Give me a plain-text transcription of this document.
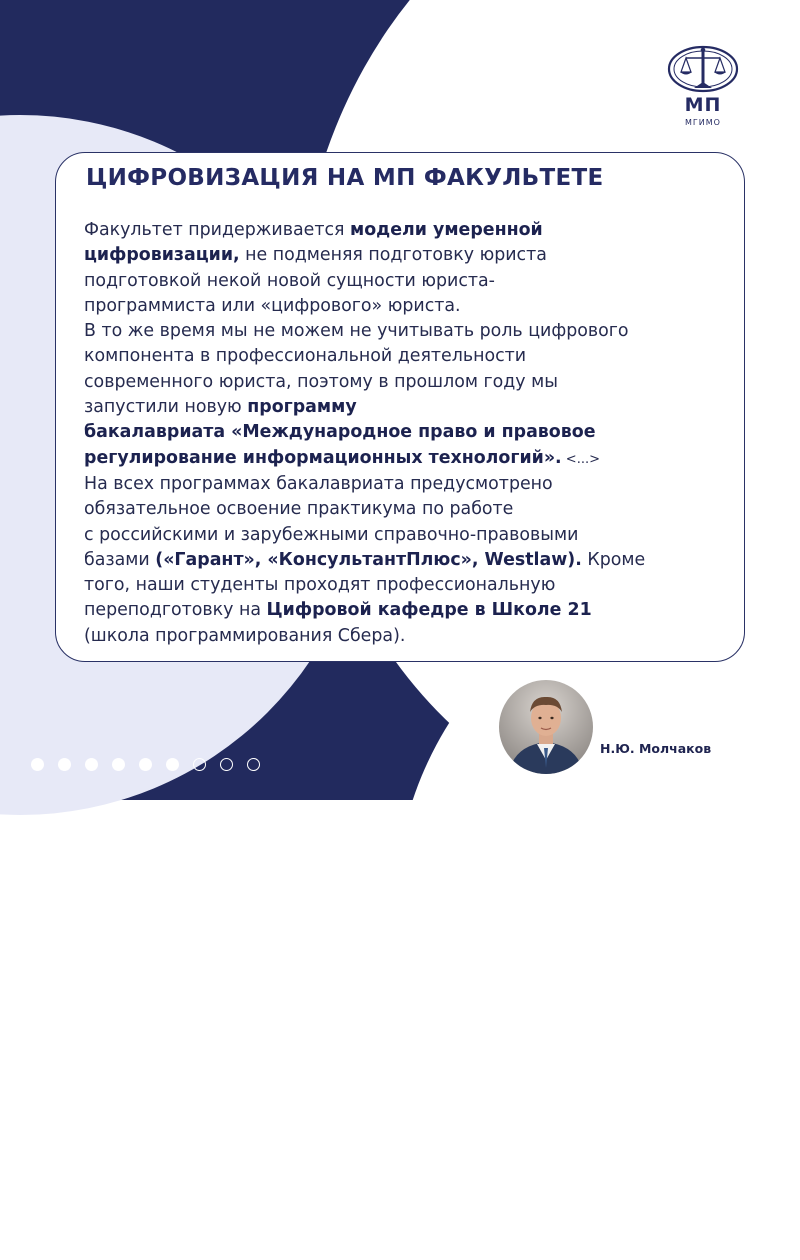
МП
МГИМО
ЦИФРОВИЗАЦИЯ НА МП ФАКУЛЬТЕТЕ
Факультет придерживается модели умеренной
цифровизации, не подменяя подготовку юриста
подготовкой некой новой сущности юриста-
программиста или «цифрового» юриста.
В то же время мы не можем не учитывать роль цифрового
компонента в профессиональной деятельности
современного юриста, поэтому в прошлом году мы
запустили новую программу
бакалавриата «Международное право и правовое
регулирование информационных технологий». <...>
На всех программах бакалавриата предусмотрено
обязательное освоение практикума по работе
с российскими и зарубежными справочно-правовыми
базами («Гарант», «КонсультантПлюс», Westlaw). Кроме
того, наши студенты проходят профессиональную
переподготовку на Цифровой кафедре в Школе 21
(школа программирования Сбера).
Н.Ю. Молчаков
